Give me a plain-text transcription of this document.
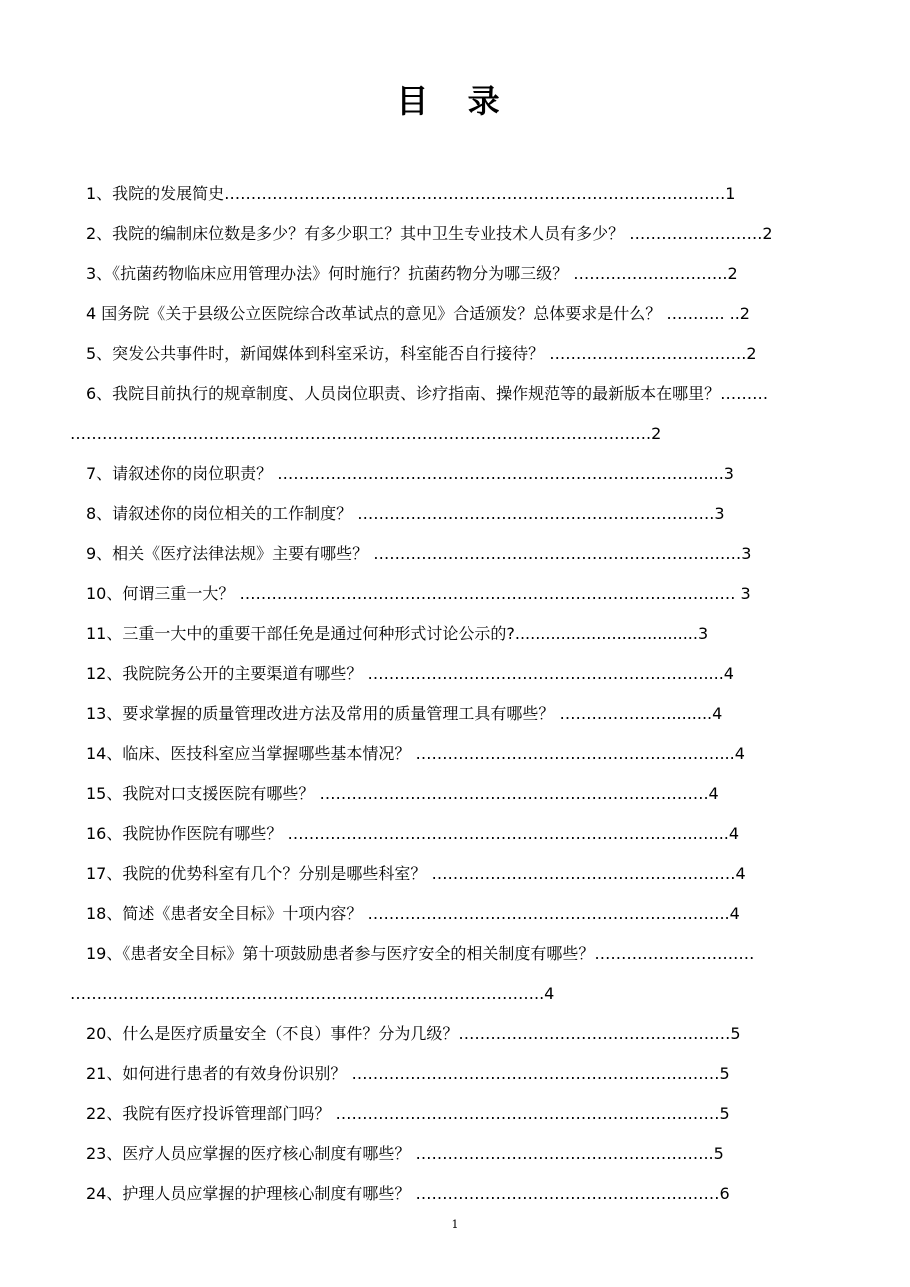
目 录
1、我院的发展简史………………………………………………………………………………….1
2、我院的编制床位数是多少？有多少职工？其中卫生专业技术人员有多少？ …………………….2
3、《抗菌药物临床应用管理办法》何时施行？抗菌药物分为哪三级？ ………………………..2
4 国务院《关于县级公立医院综合改革试点的意见》合适颁发？总体要求是什么？ ……….. ..2
5、突发公共事件时，新闻媒体到科室采访，科室能否自行接待？ ……………………………….2
6、我院目前执行的规章制度、人员岗位职责、诊疗指南、操作规范等的最新版本在哪里？………
……………………………………………………………………………………………….2
7、请叙述你的岗位职责？ ……………………………………………………………………......3
8、请叙述你的岗位相关的工作制度？ ………………………………………………………….3
9、相关《医疗法律法规》主要有哪些？ ……………………………………………………………3
10、何谓三重一大？ ………………………………………………………………………………… 3
11、三重一大中的重要干部任免是通过何种形式讨论公示的?....................................3
12、我院院务公开的主要渠道有哪些？ ………………………………………………………....4
13、要求掌握的质量管理改进方法及常用的质量管理工具有哪些？ …………………........4
14、临床、医技科室应当掌握哪些基本情况？ …………………………………………………...4
15、我院对口支援医院有哪些？ ……………………………………………………………….4
16、我院协作医院有哪些？ ………………………………………………………………….…....4
17、我院的优势科室有几个？分别是哪些科室？ …………………………………………………4
18、简述《患者安全目标》十项内容？ …………………………………………………………..4
19、《患者安全目标》第十项鼓励患者参与医疗安全的相关制度有哪些？…………………………
……………………………………………………………………………..4
20、什么是医疗质量安全（不良）事件？分为几级？……………………………………………5
21、如何进行患者的有效身份识别？ ……………………………………………………………5
22、我院有医疗投诉管理部门吗？ ………………………………………………………………5
23、医疗人员应掌握的医疗核心制度有哪些？ ………………………………………………..5
24、护理人员应掌握的护理核心制度有哪些？ …………………………………………………6
1
